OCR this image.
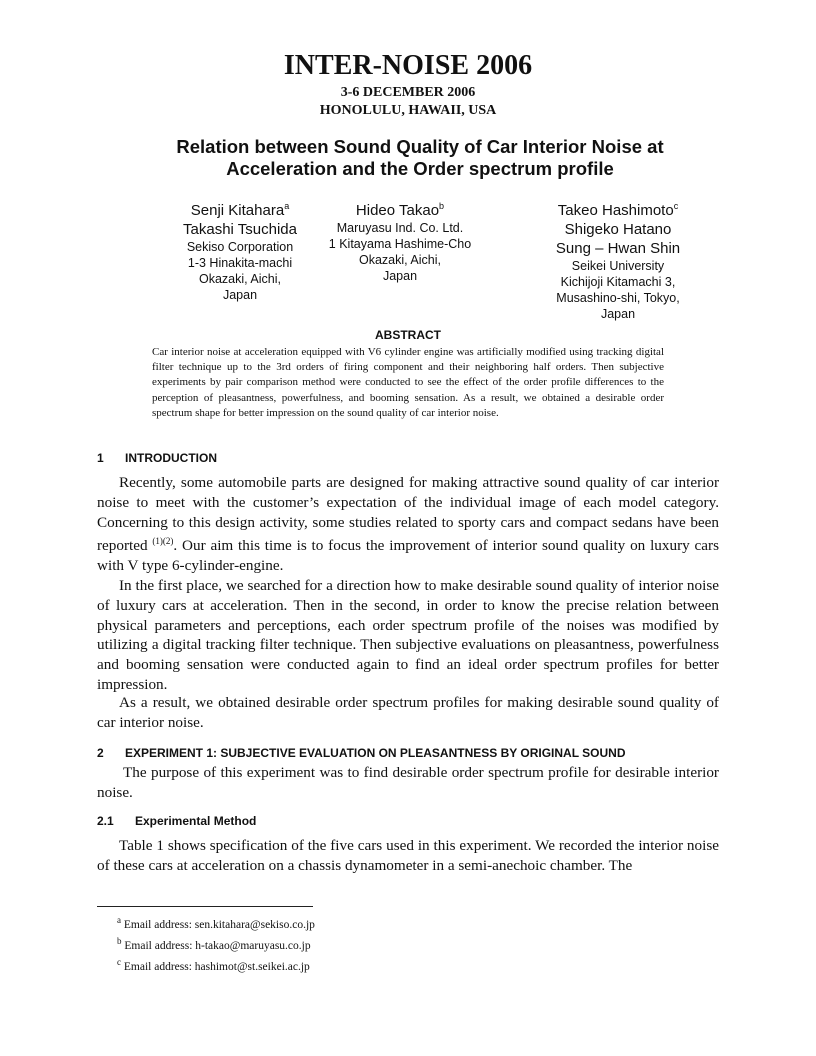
INTER-NOISE 2006
3-6 DECEMBER 2006
HONOLULU, HAWAII, USA
Relation between Sound Quality of Car Interior Noise at
Acceleration and the Order spectrum profile
Senji Kitahara$^a$
Takashi Tsuchida
Sekiso Corporation
1-3 Hinakita-machi
Okazaki, Aichi,
Japan
Hideo Takao$^b$
Maruyasu Ind. Co. Ltd.
1 Kitayama Hashime-Cho
Okazaki, Aichi,
Japan
Takeo Hashimoto$^c$
Shigeko Hatano
Sung – Hwan Shin
Seikei University
Kichijoji Kitamachi 3,
Musashino-shi, Tokyo,
Japan
ABSTRACT
Car interior noise at acceleration equipped with V6 cylinder engine was artificially modified using tracking digital filter technique up to the 3rd orders of firing component and their neighboring half orders. Then subjective experiments by pair comparison method were conducted to see the effect of the order profile differences to the perception of pleasantness, powerfulness, and booming sensation. As a result, we obtained a desirable order spectrum shape for better impression on the sound quality of car interior noise.
1 INTRODUCTION
Recently, some automobile parts are designed for making attractive sound quality of car interior noise to meet with the customer’s expectation of the individual image of each model category. Concerning to this design activity, some studies related to sporty cars and compact sedans have been reported $^{(1)(2)}$. Our aim this time is to focus the improvement of interior sound quality on luxury cars with V type 6-cylinder-engine.
In the first place, we searched for a direction how to make desirable sound quality of interior noise of luxury cars at acceleration. Then in the second, in order to know the precise relation between physical parameters and perceptions, each order spectrum profile of the noises was modified by utilizing a digital tracking filter technique. Then subjective evaluations on pleasantness, powerfulness and booming sensation were conducted again to find an ideal order spectrum profiles for better impression.
As a result, we obtained desirable order spectrum profiles for making desirable sound quality of car interior noise.
2 EXPERIMENT 1: SUBJECTIVE EVALUATION ON PLEASANTNESS BY ORIGINAL SOUND
The purpose of this experiment was to find desirable order spectrum profile for desirable interior noise.
2.1 Experimental Method
Table 1 shows specification of the five cars used in this experiment. We recorded the interior noise of these cars at acceleration on a chassis dynamometer in a semi-anechoic chamber. The
$^a$ Email address: sen.kitahara@sekiso.co.jp
$^b$ Email address: h-takao@maruyasu.co.jp
$^c$ Email address: hashimot@st.seikei.ac.jp
